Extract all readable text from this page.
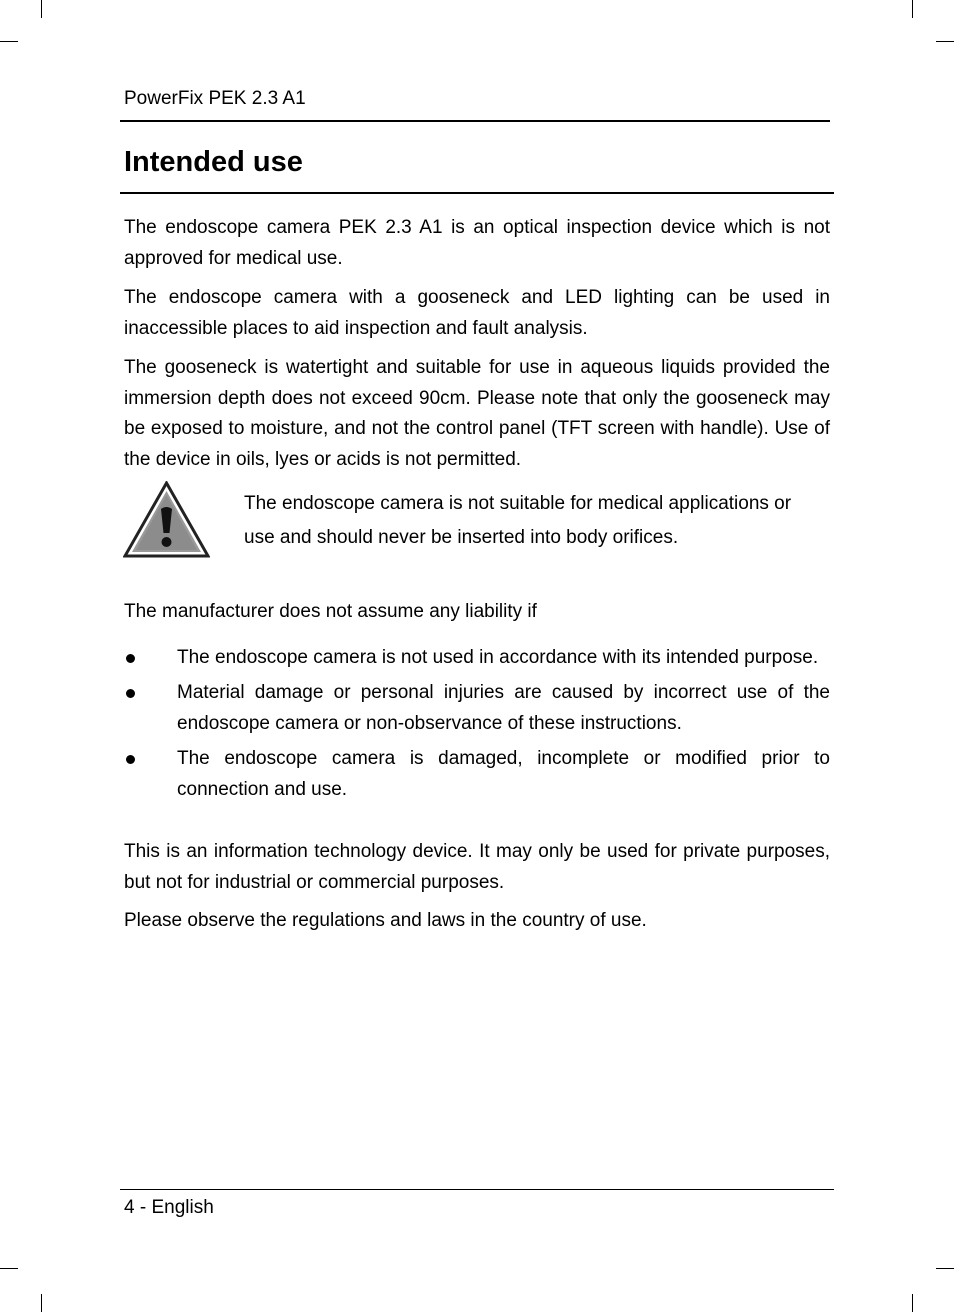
PowerFix PEK 2.3 A1
Intended use

The endoscope camera PEK 2.3 A1 is an optical inspection device which is not approved for medical use.

The endoscope camera with a gooseneck and LED lighting can be used in inaccessible places to aid inspection and fault analysis.

The gooseneck is watertight and suitable for use in aqueous liquids provided the immersion depth does not exceed 90cm. Please note that only the gooseneck may be exposed to moisture, and not the control panel (TFT screen with handle). Use of the device in oils, lyes or acids is not permitted.

The endoscope camera is not suitable for medical applications or use and should never be inserted into body orifices.

The manufacturer does not assume any liability if

The endoscope camera is not used in accordance with its intended purpose.
Material damage or personal injuries are caused by incorrect use of the endoscope camera or non-observance of these instructions.
The endoscope camera is damaged, incomplete or modified prior to connection and use.

This is an information technology device. It may only be used for private purposes, but not for industrial or commercial purposes.

Please observe the regulations and laws in the country of use.

4 - English
